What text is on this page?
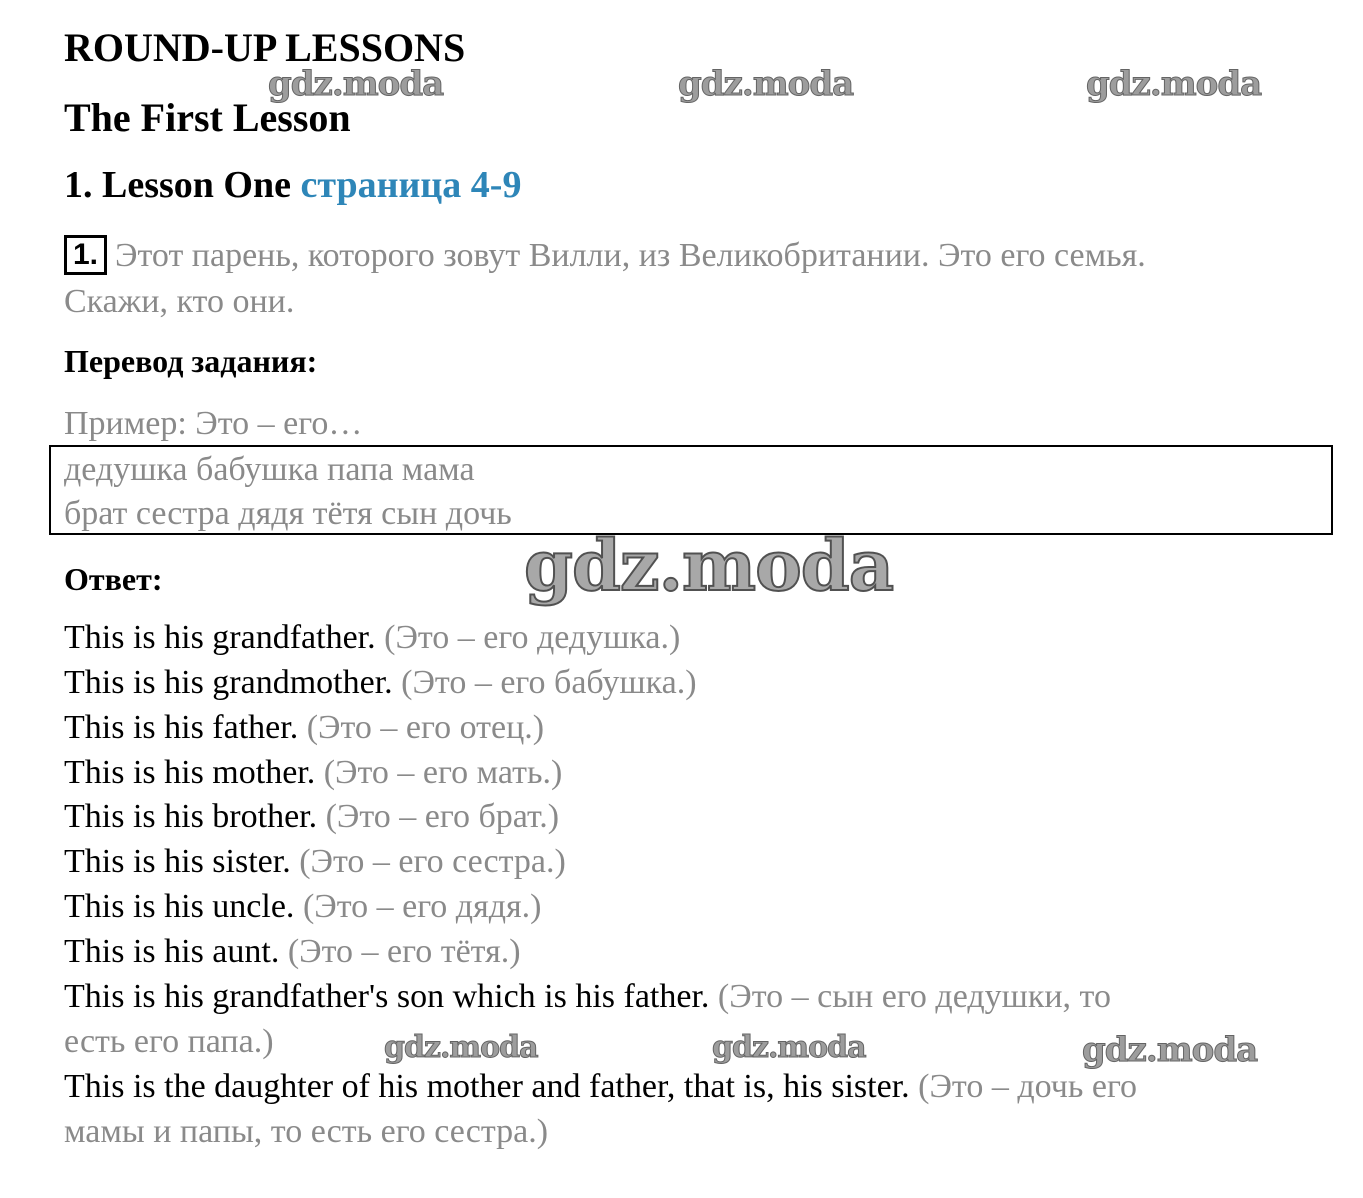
ROUND-UP LESSONS
The First Lesson
1. Lesson One страница 4-9
1. Этот парень, которого зовут Вилли, из Великобритании. Это его семья.
Скажи, кто они.
Перевод задания:
Пример: Это – его…
дедушка бабушка папа мама
брат сестра дядя тётя сын дочь
Ответ:
This is his grandfather. (Это – его дедушка.)
This is his grandmother. (Это – его бабушка.)
This is his father. (Это – его отец.)
This is his mother. (Это – его мать.)
This is his brother. (Это – его брат.)
This is his sister. (Это – его сестра.)
This is his uncle. (Это – его дядя.)
This is his aunt. (Это – его тётя.)
This is his grandfather's son which is his father. (Это – сын его дедушки, то
есть его папа.)
This is the daughter of his mother and father, that is, his sister. (Это – дочь его
мамы и папы, то есть его сестра.)
gdz.moda	gdz.moda	gdz.moda
gdz.moda
gdz.moda	gdz.moda	gdz.moda
